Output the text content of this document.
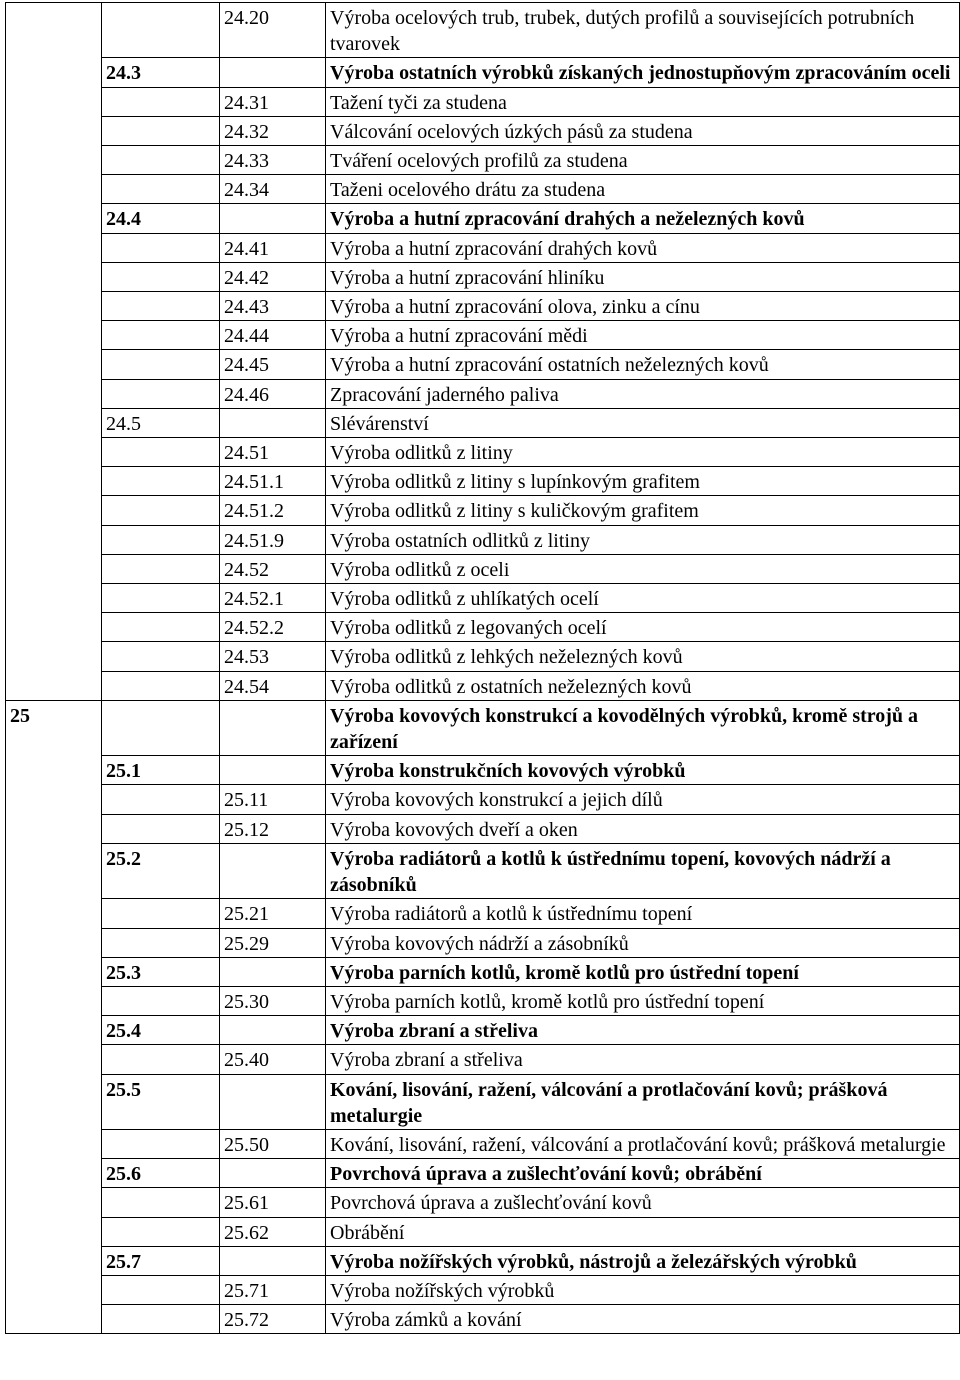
		24.20	Výroba ocelových trub, trubek, dutých profilů a souvisejících potrubních tvarovek
	24.3		Výroba ostatních výrobků získaných jednostupňovým zpracováním oceli
		24.31	Tažení tyči za studena
		24.32	Válcování ocelových úzkých pásů za studena
		24.33	Tváření ocelových profilů za studena
		24.34	Taženi ocelového drátu za studena
	24.4		Výroba a hutní zpracování drahých a neželezných kovů
		24.41	Výroba a hutní zpracování drahých kovů
		24.42	Výroba a hutní zpracování hliníku
		24.43	Výroba a hutní zpracování olova, zinku a cínu
		24.44	Výroba a hutní zpracování mědi
		24.45	Výroba a hutní zpracování ostatních neželezných kovů
		24.46	Zpracování jaderného paliva
	24.5		Slévárenství
		24.51	Výroba odlitků z litiny
		24.51.1	Výroba odlitků z litiny s lupínkovým grafitem
		24.51.2	Výroba odlitků z litiny s kuličkovým grafitem
		24.51.9	Výroba ostatních odlitků z litiny
		24.52	Výroba odlitků z oceli
		24.52.1	Výroba odlitků z uhlíkatých ocelí
		24.52.2	Výroba odlitků z legovaných ocelí
		24.53	Výroba odlitků z lehkých neželezných kovů
		24.54	Výroba odlitků z ostatních neželezných kovů
25			Výroba kovových konstrukcí a kovodělných výrobků, kromě strojů a zařízení
	25.1		Výroba konstrukčních kovových výrobků
		25.11	Výroba kovových konstrukcí a jejich dílů
		25.12	Výroba kovových dveří a oken
	25.2		Výroba radiátorů a kotlů k ústřednímu topení, kovových nádrží a zásobníků
		25.21	Výroba radiátorů a kotlů k ústřednímu topení
		25.29	Výroba kovových nádrží a zásobníků
	25.3		Výroba parních kotlů, kromě kotlů pro ústřední topení
		25.30	Výroba parních kotlů, kromě kotlů pro ústřední topení
	25.4		Výroba zbraní a střeliva
		25.40	Výroba zbraní a střeliva
	25.5		Kování, lisování, ražení, válcování a protlačování kovů; prášková metalurgie
		25.50	Kování, lisování, ražení, válcování a protlačování kovů; prášková metalurgie
	25.6		Povrchová úprava a zušlechťování kovů; obrábění
		25.61	Povrchová úprava a zušlechťování kovů
		25.62	Obrábění
	25.7		Výroba nožířských výrobků, nástrojů a železářských výrobků
		25.71	Výroba nožířských výrobků
		25.72	Výroba zámků a kování
